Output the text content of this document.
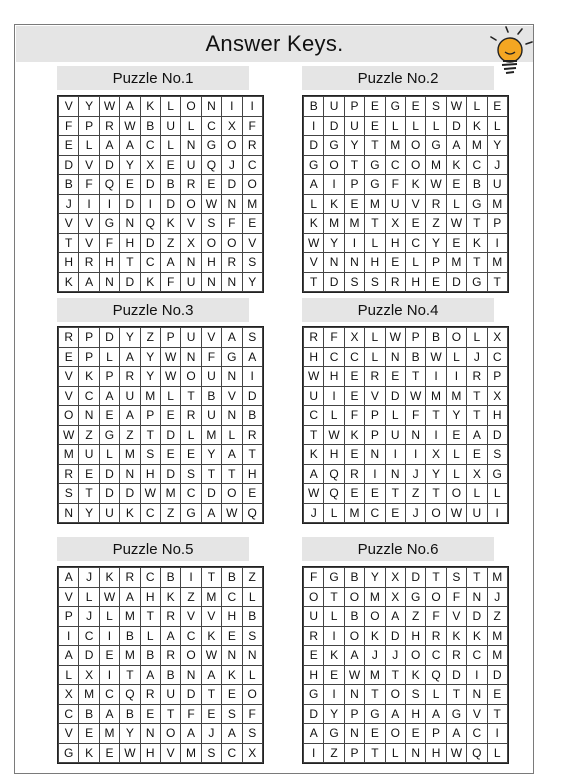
Answer Keys.
Puzzle No.1
V	Y	W	A	K	L	O	N	I	I
F	P	R	W	B	U	L	C	X	F
E	L	A	A	C	L	N	G	O	R
D	V	D	Y	X	E	U	Q	J	C
B	F	Q	E	D	B	R	E	D	O
J	I	I	D	I	D	O	W	N	M
V	V	G	N	Q	K	V	S	F	E
T	V	F	H	D	Z	X	O	O	V
H	R	H	T	C	A	N	H	R	S
K	A	N	D	K	F	U	N	N	Y
Puzzle No.2
B	U	P	E	G	E	S	W	L	E
I	D	U	E	L	L	L	D	K	L
D	G	Y	T	M	O	G	A	M	Y
G	O	T	G	C	O	M	K	C	J
A	I	P	G	F	K	W	E	B	U
L	K	E	M	U	V	R	L	G	M
K	M	M	T	X	E	Z	W	T	P
W	Y	I	L	H	C	Y	E	K	I
V	N	N	H	E	L	P	M	T	M
T	D	S	S	R	H	E	D	G	T
Puzzle No.3
R	P	D	Y	Z	P	U	V	A	S
E	P	L	A	Y	W	N	F	G	A
V	K	P	R	Y	W	O	U	N	I
V	C	A	U	M	L	T	B	V	D
O	N	E	A	P	E	R	U	N	B
W	Z	G	Z	T	D	L	M	L	R
M	U	L	M	S	E	E	Y	A	T
R	E	D	N	H	D	S	T	T	H
S	T	D	D	W	M	C	D	O	E
N	Y	U	K	C	Z	G	A	W	Q
Puzzle No.4
R	F	X	L	W	P	B	O	L	X
H	C	C	L	N	B	W	L	J	C
W	H	E	R	E	T	I	I	R	P
U	I	E	V	D	W	M	M	T	X
C	L	F	P	L	F	T	Y	T	H
T	W	K	P	U	N	I	E	A	D
K	H	E	N	I	I	X	L	E	S
A	Q	R	I	N	J	Y	L	X	G
W	Q	E	E	T	Z	T	O	L	L
J	L	M	C	E	J	O	W	U	I
Puzzle No.5
A	J	K	R	C	B	I	T	B	Z
V	L	W	A	H	K	Z	M	C	L
P	J	L	M	T	R	V	V	H	B
I	C	I	B	L	A	C	K	E	S
A	D	E	M	B	R	O	W	N	N
L	X	I	T	A	B	N	A	K	L
X	M	C	Q	R	U	D	T	E	O
C	B	A	B	E	T	F	E	S	F
V	E	M	Y	N	O	A	J	A	S
G	K	E	W	H	V	M	S	C	X
Puzzle No.6
F	G	B	Y	X	D	T	S	T	M
O	T	O	M	X	G	O	F	N	J
U	L	B	O	A	Z	F	V	D	Z
R	I	O	K	D	H	R	K	K	M
E	K	A	J	J	O	C	R	C	M
H	E	W	M	T	K	Q	D	I	D
G	I	N	T	O	S	L	T	N	E
D	Y	P	G	A	H	A	G	V	T
A	G	N	E	O	E	P	A	C	I
I	Z	P	T	L	N	H	W	Q	L
